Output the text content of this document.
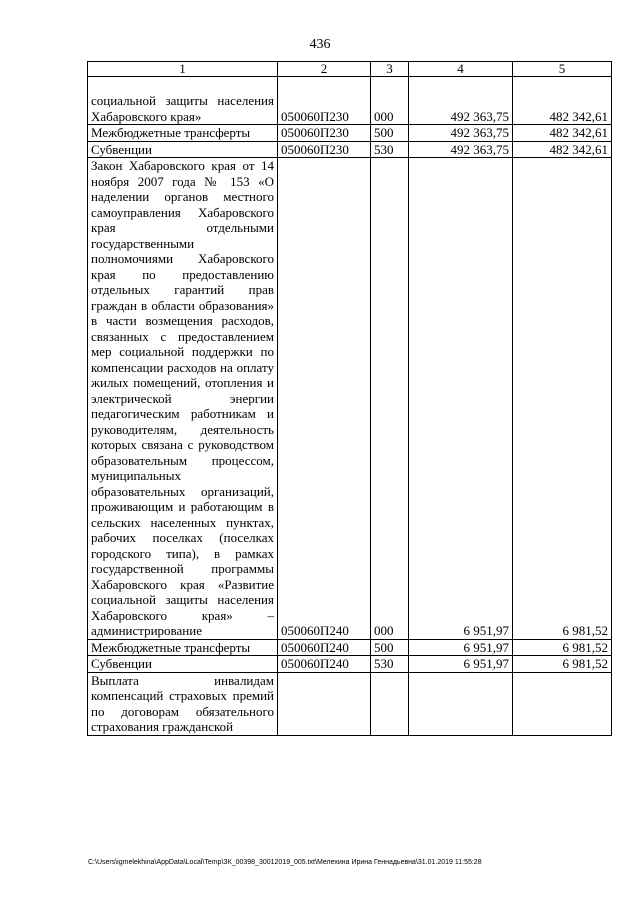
436
1	2	3	4	5
социальной защиты населения Хабаровского края»	050060П230	000	492 363,75	482 342,61
Межбюджетные трансферты	050060П230	500	492 363,75	482 342,61
Субвенции	050060П230	530	492 363,75	482 342,61
Закон Хабаровского края от 14 ноября 2007 года № 153 «О наделении органов местного самоуправления Хабаровского края отдельными государственными полномочиями Хабаровского края по предоставлению отдельных гарантий прав граждан в области образования» в части возмещения расходов, связанных с предоставлением мер социальной поддержки по компенсации расходов на оплату жилых помещений, отопления и электрической энергии педагогическим работникам и руководителям, деятельность которых связана с руководством образовательным процессом, муниципальных образовательных организаций, проживающим и работающим в сельских населенных пунктах, рабочих поселках (поселках городского типа), в рамках государственной программы Хабаровского края «Развитие социальной защиты населения Хабаровского края» – администрирование	050060П240	000	6 951,97	6 981,52
Межбюджетные трансферты	050060П240	500	6 951,97	6 981,52
Субвенции	050060П240	530	6 951,97	6 981,52
Выплата инвалидам компенсаций страховых премий по договорам обязательного страхования гражданской				
C:\Users\igmelekhina\AppData\Local\Temp\ЗК_00398_30012019_005.txt\Мелехина Ирина Геннадьевна\31.01.2019 11:55:28
